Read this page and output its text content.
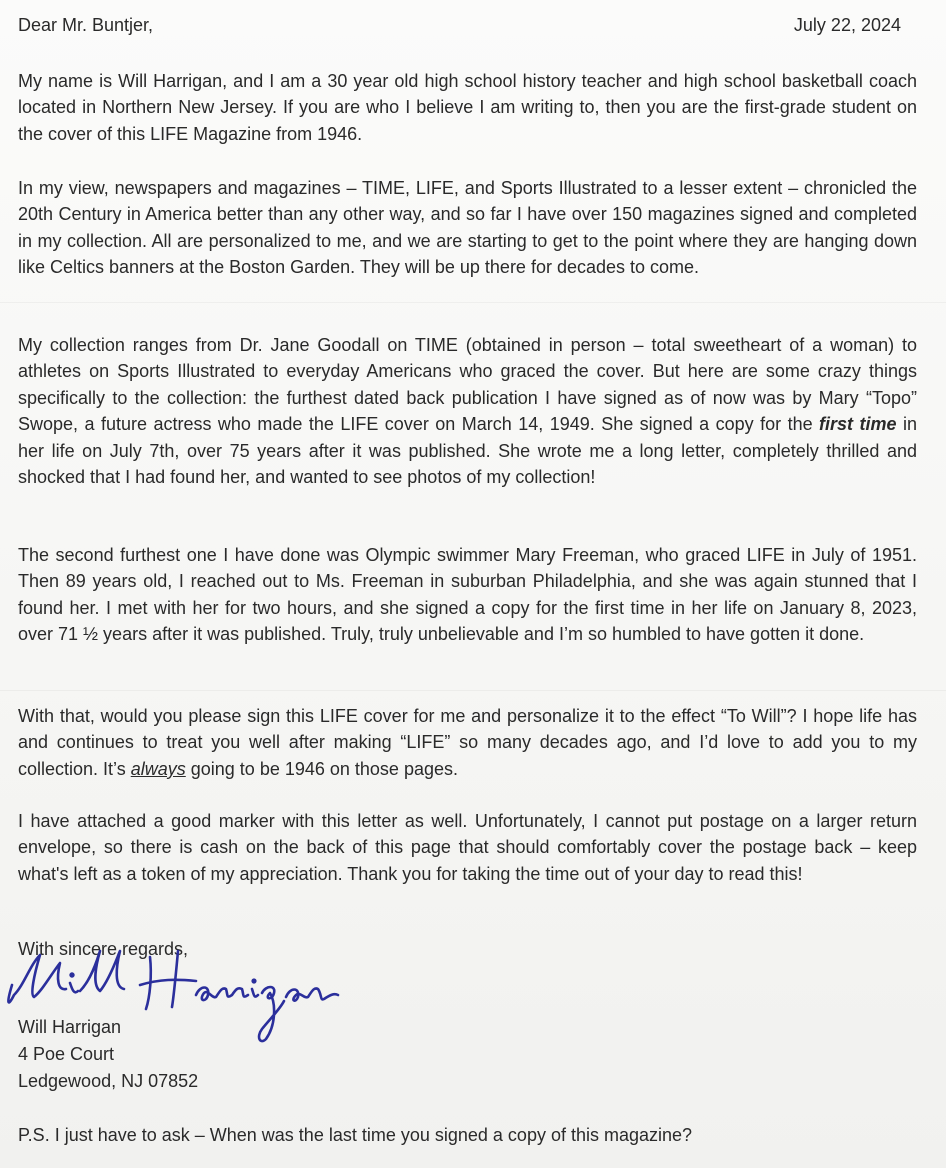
Dear Mr. Buntjer,	July 22, 2024

My name is Will Harrigan, and I am a 30 year old high school history teacher and high school basketball coach located in Northern New Jersey. If you are who I believe I am writing to, then you are the first-grade student on the cover of this LIFE Magazine from 1946.

In my view, newspapers and magazines – TIME, LIFE, and Sports Illustrated to a lesser extent – chronicled the 20th Century in America better than any other way, and so far I have over 150 magazines signed and completed in my collection. All are personalized to me, and we are starting to get to the point where they are hanging down like Celtics banners at the Boston Garden. They will be up there for decades to come.

My collection ranges from Dr. Jane Goodall on TIME (obtained in person – total sweetheart of a woman) to athletes on Sports Illustrated to everyday Americans who graced the cover. But here are some crazy things specifically to the collection: the furthest dated back publication I have signed as of now was by Mary “Topo” Swope, a future actress who made the LIFE cover on March 14, 1949. She signed a copy for the first time in her life on July 7th, over 75 years after it was published. She wrote me a long letter, completely thrilled and shocked that I had found her, and wanted to see photos of my collection!

The second furthest one I have done was Olympic swimmer Mary Freeman, who graced LIFE in July of 1951. Then 89 years old, I reached out to Ms. Freeman in suburban Philadelphia, and she was again stunned that I found her. I met with her for two hours, and she signed a copy for the first time in her life on January 8, 2023, over 71 ½ years after it was published. Truly, truly unbelievable and I’m so humbled to have gotten it done.

With that, would you please sign this LIFE cover for me and personalize it to the effect “To Will”? I hope life has and continues to treat you well after making “LIFE” so many decades ago, and I’d love to add you to my collection. It’s always going to be 1946 on those pages.

I have attached a good marker with this letter as well. Unfortunately, I cannot put postage on a larger return envelope, so there is cash on the back of this page that should comfortably cover the postage back – keep what's left as a token of my appreciation. Thank you for taking the time out of your day to read this!

With sincere regards,
Will Harrigan
4 Poe Court
Ledgewood, NJ 07852
P.S. I just have to ask – When was the last time you signed a copy of this magazine?
